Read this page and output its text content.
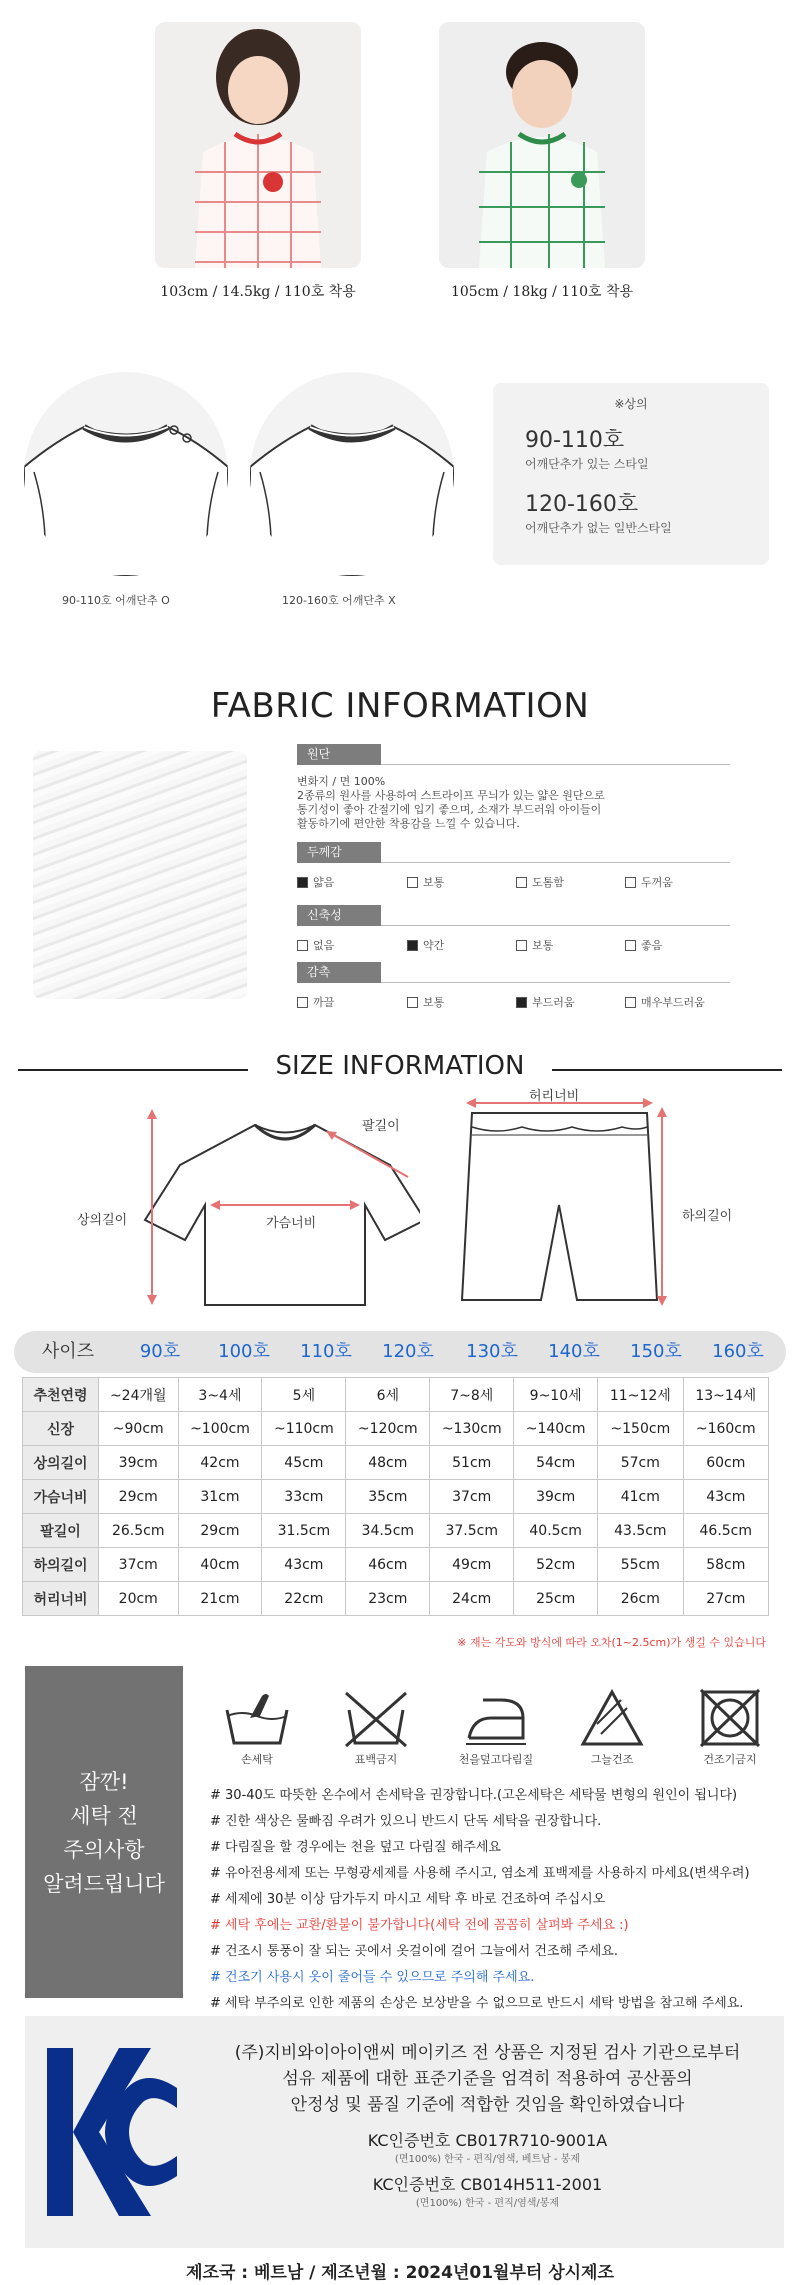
103cm / 14.5kg / 110호 착용	105cm / 18kg / 110호 착용
90-110호 어깨단추 O	120-160호 어깨단추 X
※상의
90-110호
어깨단추가 있는 스타일
120-160호
어깨단추가 없는 일반스타일
FABRIC INFORMATION
원단
변화지 / 면 100%
2종류의 원사를 사용하여 스트라이프 무늬가 있는 얇은 원단으로
통기성이 좋아 간절기에 입기 좋으며, 소재가 부드러워 아이들이
활동하기에 편안한 착용감을 느낄 수 있습니다.
두께감
얇음	보통	도톰함	두꺼움
신축성
없음	약간	보통	좋음
감촉
까끌	보통	부드러움	매우부드러움
SIZE INFORMATION
상의길이	가슴너비
팔길이
허리너비
하의길이
사이즈	90호	100호	110호	120호	130호	140호	150호	160호
추천연령	~24개월	3~4세	5세	6세	7~8세	9~10세	11~12세	13~14세
신장	~90cm	~100cm	~110cm	~120cm	~130cm	~140cm	~150cm	~160cm
상의길이	39cm	42cm	45cm	48cm	51cm	54cm	57cm	60cm
가슴너비	29cm	31cm	33cm	35cm	37cm	39cm	41cm	43cm
팔길이	26.5cm	29cm	31.5cm	34.5cm	37.5cm	40.5cm	43.5cm	46.5cm
하의길이	37cm	40cm	43cm	46cm	49cm	52cm	55cm	58cm
허리너비	20cm	21cm	22cm	23cm	24cm	25cm	26cm	27cm
※ 재는 각도와 방식에 따라 오차(1~2.5cm)가 생길 수 있습니다
잠깐!
세탁 전
주의사항
알려드립니다
손세탁	표백금지	천을덮고다림질	그늘건조	건조기금지
# 30-40도 따뜻한 온수에서 손세탁을 권장합니다.(고온세탁은 세탁물 변형의 원인이 됩니다)
# 진한 색상은 물빠짐 우려가 있으니 반드시 단독 세탁을 권장합니다.
# 다림질을 할 경우에는 천을 덮고 다림질 해주세요
# 유아전용세제 또는 무형광세제를 사용해 주시고, 염소계 표백제를 사용하지 마세요(변색우려)
# 세제에 30분 이상 담가두지 마시고 세탁 후 바로 건조하여 주십시오
# 세탁 후에는 교환/환불이 불가합니다(세탁 전에 꼼꼼히 살펴봐 주세요 :)
# 건조시 통풍이 잘 되는 곳에서 옷걸이에 걸어 그늘에서 건조해 주세요.
# 건조기 사용시 옷이 줄어들 수 있으므로 주의해 주세요.
# 세탁 부주의로 인한 제품의 손상은 보상받을 수 없으므로 반드시 세탁 방법을 참고해 주세요.
(주)지비와이아이앤씨 메이키즈 전 상품은 지정된 검사 기관으로부터
섬유 제품에 대한 표준기준을 엄격히 적용하여 공산품의
안정성 및 품질 기준에 적합한 것임을 확인하였습니다
KC인증번호 CB017R710-9001A
(면100%) 한국 - 편직/염색, 베트남 - 봉제
KC인증번호 CB014H511-2001
(면100%) 한국 - 편직/염색/봉제
제조국 : 베트남 / 제조년월 : 2024년01월부터 상시제조
